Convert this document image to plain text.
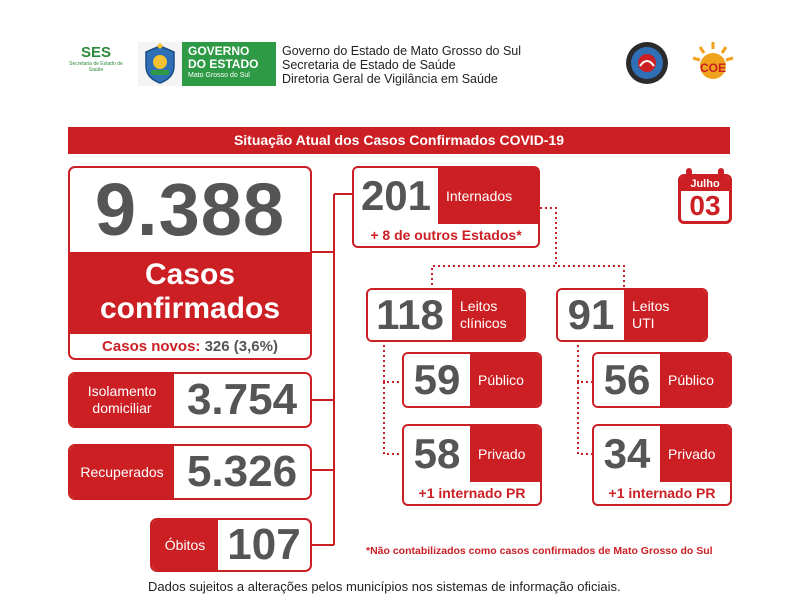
SES
Secretaria de Estado de
Saúde
GOVERNO
DO ESTADO
Mato Grosso do Sul
Governo do Estado de Mato Grosso do Sul
Secretaria de Estado de Saúde
Diretoria Geral de Vigilância em Saúde
COE
Situação Atual dos Casos Confirmados COVID-19
9.388
Casos
confirmados
Casos novos: 326 (3,6%)
Isolamento
domiciliar 3.754
Recuperados 5.326
Óbitos 107
201	Internados
+ 8 de outros Estados*
118	Leitos
clínicos
59	Público
58	Privado
+1 internado PR
91	Leitos
UTI
56	Público
34	Privado
+1 internado PR
Julho
03
*Não contabilizados como casos confirmados de Mato Grosso do Sul
Dados sujeitos a alterações pelos municípios nos sistemas de informação oficiais.
